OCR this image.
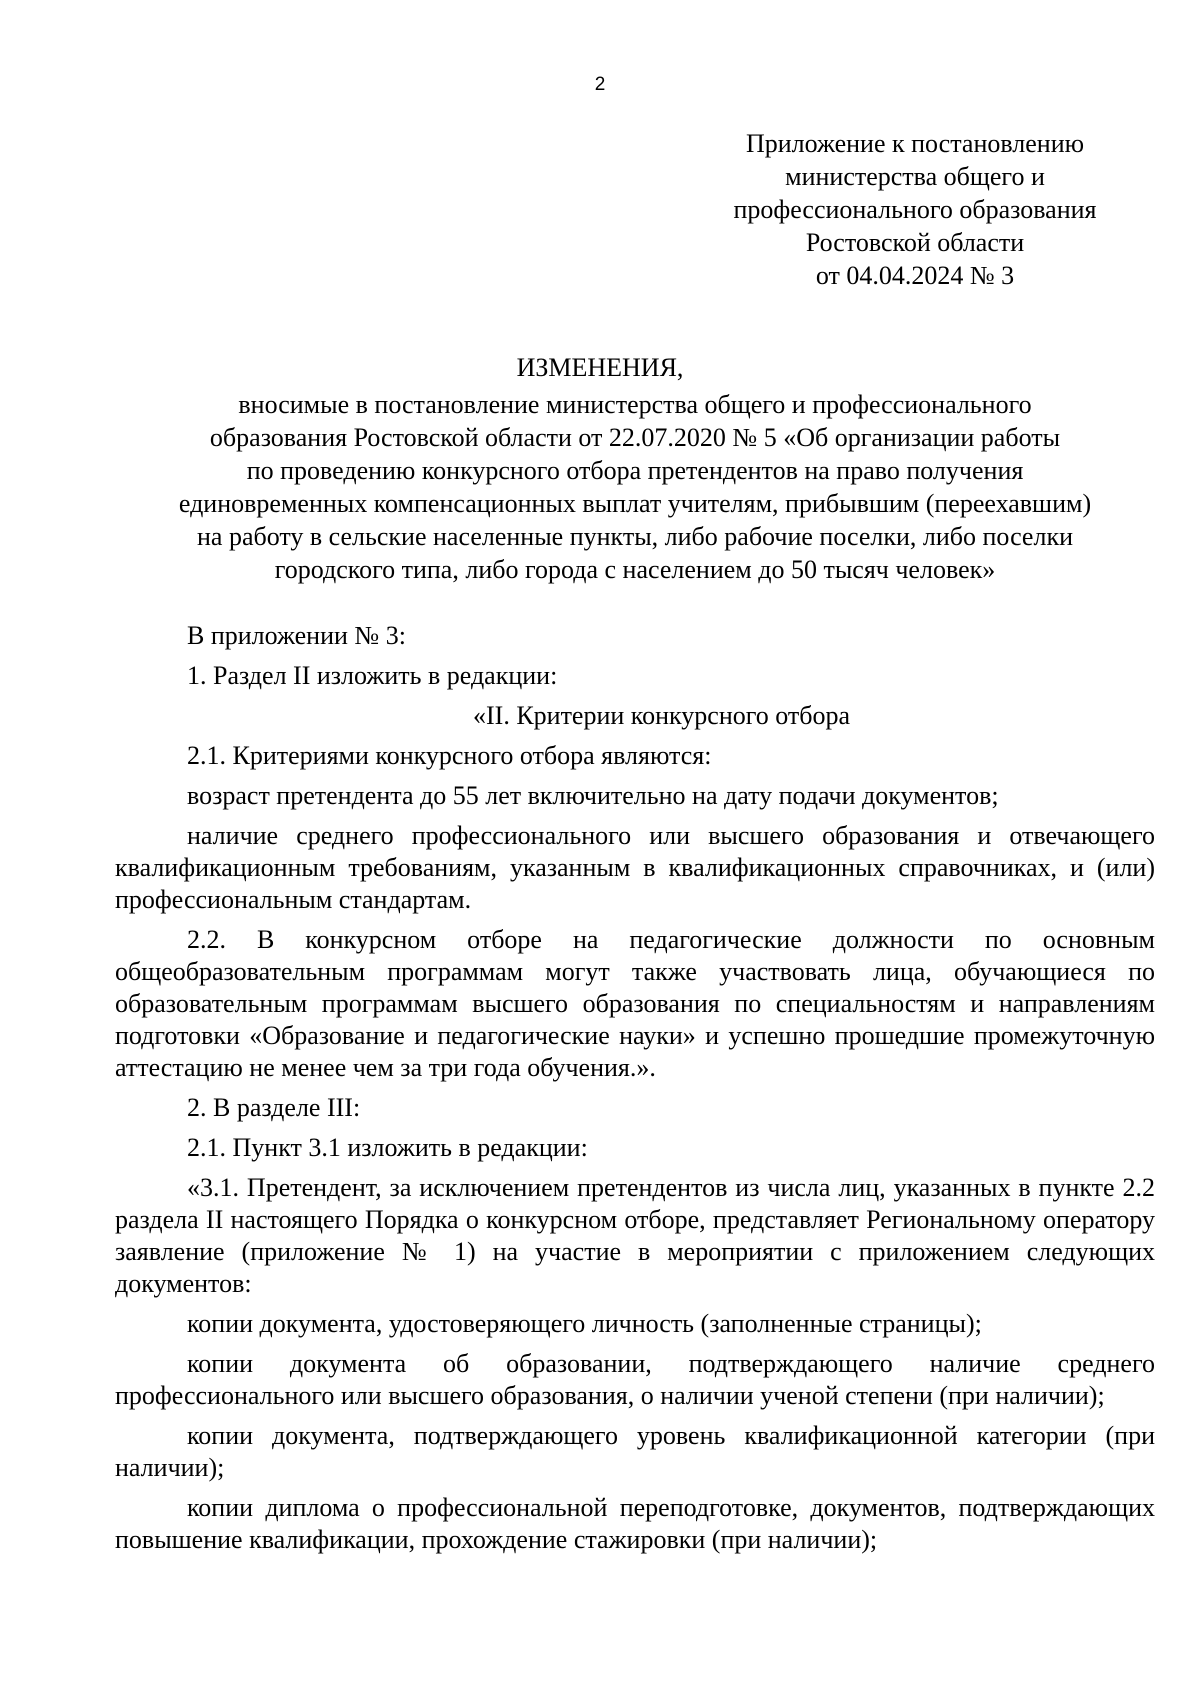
2
Приложение к постановлению
министерства общего и
профессионального образования
Ростовской области
от 04.04.2024 № 3
ИЗМЕНЕНИЯ,
вносимые в постановление министерства общего и профессионального
образования Ростовской области от 22.07.2020 № 5 «Об организации работы
по проведению конкурсного отбора претендентов на право получения
единовременных компенсационных выплат учителям, прибывшим (переехавшим)
на работу в сельские населенные пункты, либо рабочие поселки, либо поселки
городского типа, либо города с населением до 50 тысяч человек»

В приложении № 3:

1. Раздел II изложить в редакции:

«II. Критерии конкурсного отбора

2.1. Критериями конкурсного отбора являются:

возраст претендента до 55 лет включительно на дату подачи документов;

наличие среднего профессионального или высшего образования и отвечающего квалификационным требованиям, указанным в квалификационных справочниках, и (или) профессиональным стандартам.

2.2. В конкурсном отборе на педагогические должности по основным общеобразовательным программам могут также участвовать лица, обучающиеся по образовательным программам высшего образования по специальностям и направлениям подготовки «Образование и педагогические науки» и успешно прошедшие промежуточную аттестацию не менее чем за три года обучения.».

2. В разделе III:

2.1. Пункт 3.1 изложить в редакции:

«3.1. Претендент, за исключением претендентов из числа лиц, указанных в пункте 2.2 раздела II настоящего Порядка о конкурсном отборе, представляет Региональному оператору заявление (приложение № 1) на участие в мероприятии с приложением следующих документов:

копии документа, удостоверяющего личность (заполненные страницы);

копии документа об образовании, подтверждающего наличие среднего профессионального или высшего образования, о наличии ученой степени (при наличии);

копии документа, подтверждающего уровень квалификационной категории (при наличии);

копии диплома о профессиональной переподготовке, документов, подтверждающих повышение квалификации, прохождение стажировки (при наличии);
